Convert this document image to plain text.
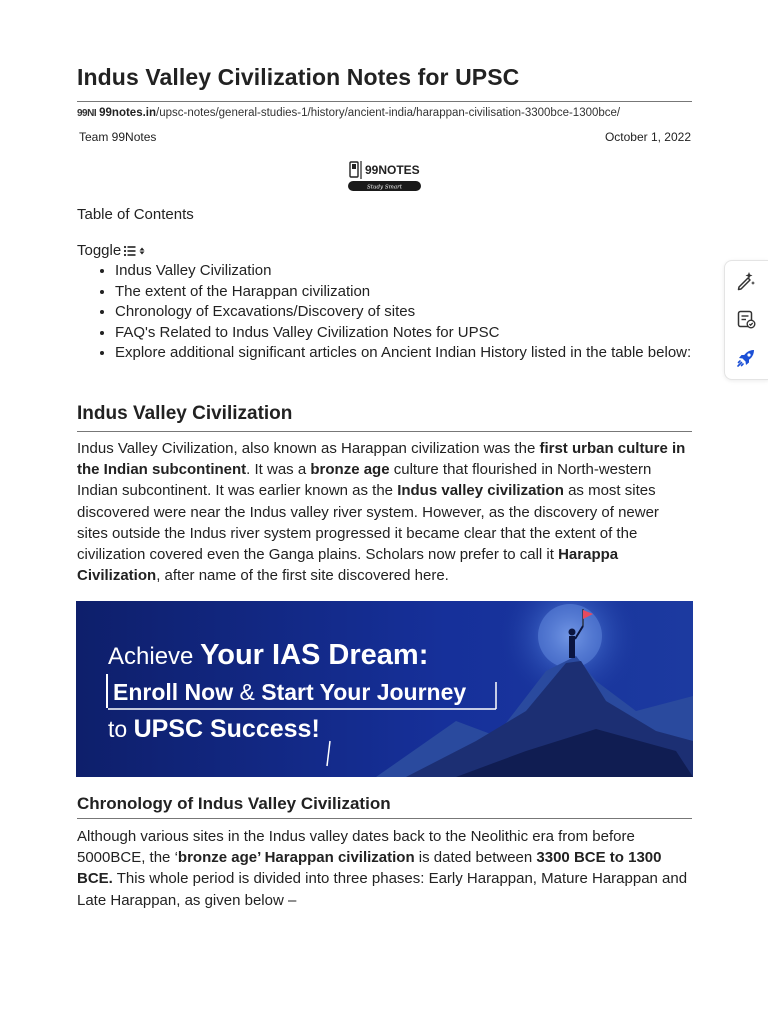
Indus Valley Civilization Notes for UPSC
99NI 99notes.in/upsc-notes/general-studies-1/history/ancient-india/harappan-civilisation-3300bce-1300bce/
Team 99Notes	October 1, 2022
99NOTES
Study Smart
Table of Contents
Toggle
• Indus Valley Civilization
• The extent of the Harappan civilization
• Chronology of Excavations/Discovery of sites
• FAQ's Related to Indus Valley Civilization Notes for UPSC
• Explore additional significant articles on Ancient Indian History listed in the table below:
Indus Valley Civilization

Indus Valley Civilization, also known as Harappan civilization was the first urban culture in the Indian subcontinent. It was a bronze age culture that flourished in North-western Indian subcontinent. It was earlier known as the Indus valley civilization as most sites discovered were near the Indus valley river system. However, as the discovery of newer sites outside the Indus river system progressed it became clear that the extent of the civilization covered even the Ganga plains. Scholars now prefer to call it Harappa Civilization, after name of the first site discovered here.

Achieve Your IAS Dream:
Enroll Now & Start Your Journey
to UPSC Success!
Chronology of Indus Valley Civilization

Although various sites in the Indus valley dates back to the Neolithic era from before 5000BCE, the ‘bronze age’ Harappan civilization is dated between 3300 BCE to 1300 BCE. This whole period is divided into three phases: Early Harappan, Mature Harappan and Late Harappan, as given below –
